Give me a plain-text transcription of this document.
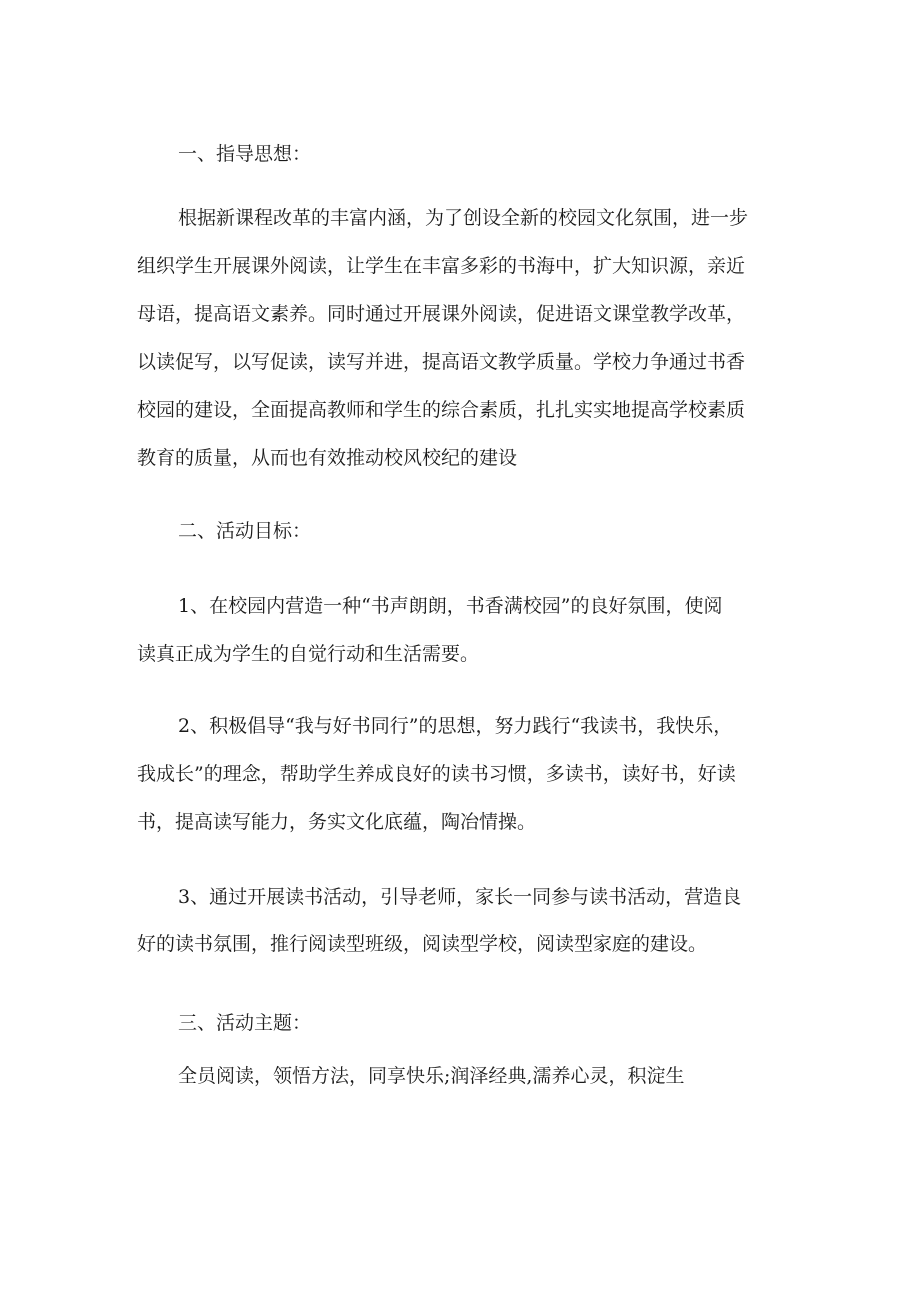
一、指导思想：

根据新课程改革的丰富内涵，为了创设全新的校园文化氛围，进一步

组织学生开展课外阅读，让学生在丰富多彩的书海中，扩大知识源，亲近

母语，提高语文素养。同时通过开展课外阅读，促进语文课堂教学改革，

以读促写，以写促读，读写并进，提高语文教学质量。学校力争通过书香

校园的建设，全面提高教师和学生的综合素质，扎扎实实地提高学校素质

教育的质量，从而也有效推动校风校纪的建设

二、活动目标：

1、在校园内营造一种“书声朗朗，书香满校园”的良好氛围，使阅

读真正成为学生的自觉行动和生活需要。

2、积极倡导“我与好书同行”的思想，努力践行“我读书，我快乐，

我成长”的理念，帮助学生养成良好的读书习惯，多读书，读好书，好读

书，提高读写能力，务实文化底蕴，陶冶情操。

3、通过开展读书活动，引导老师，家长一同参与读书活动，营造良

好的读书氛围，推行阅读型班级，阅读型学校，阅读型家庭的建设。

三、活动主题：

全员阅读，领悟方法，同享快乐;润泽经典,濡养心灵，积淀生
